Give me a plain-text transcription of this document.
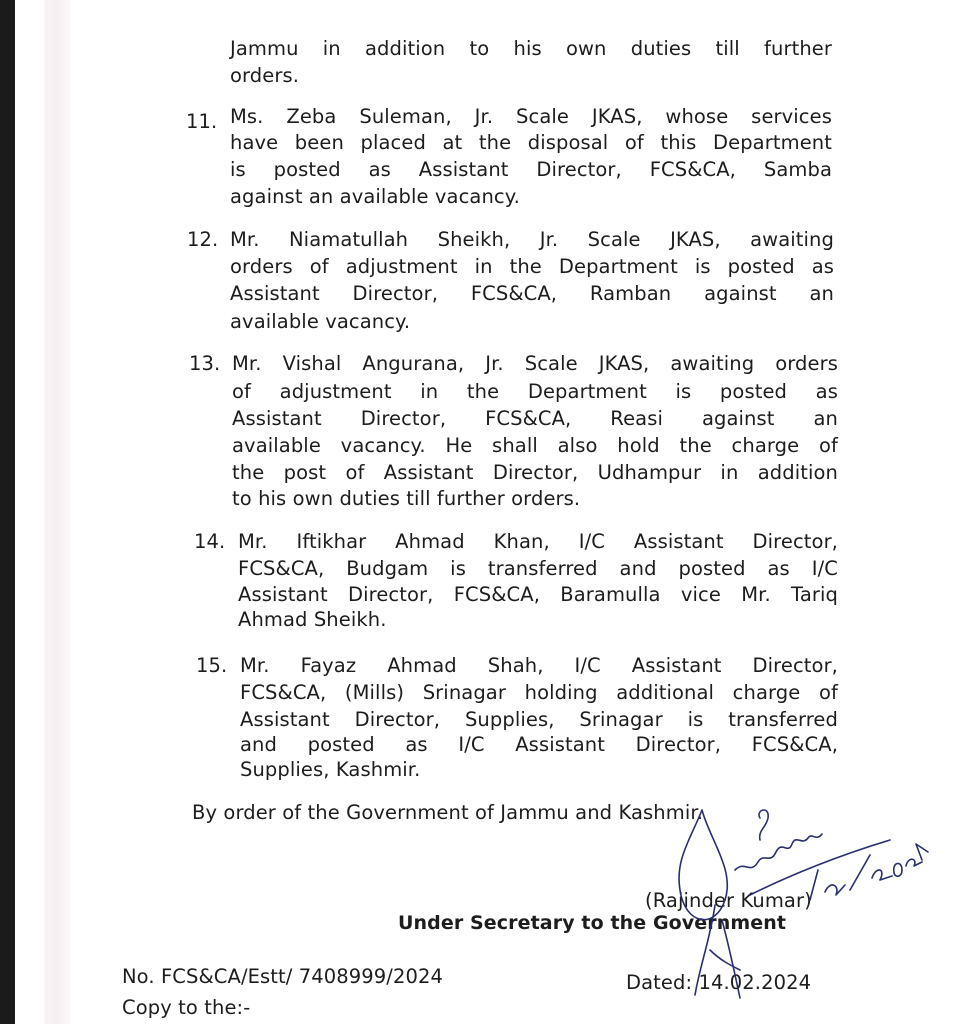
Jammu in addition to his own duties till further
orders.
11. Ms. Zeba Suleman, Jr. Scale JKAS, whose services
have been placed at the disposal of this Department
is posted as Assistant Director, FCS&CA, Samba
against an available vacancy.
12. Mr. Niamatullah Sheikh, Jr. Scale JKAS, awaiting
orders of adjustment in the Department is posted as
Assistant Director, FCS&CA, Ramban against an
available vacancy.
13. Mr. Vishal Angurana, Jr. Scale JKAS, awaiting orders
of adjustment in the Department is posted as
Assistant Director, FCS&CA, Reasi against an
available vacancy. He shall also hold the charge of
the post of Assistant Director, Udhampur in addition
to his own duties till further orders.
14. Mr. Iftikhar Ahmad Khan, I/C Assistant Director,
FCS&CA, Budgam is transferred and posted as I/C
Assistant Director, FCS&CA, Baramulla vice Mr. Tariq
Ahmad Sheikh.
15. Mr. Fayaz Ahmad Shah, I/C Assistant Director,
FCS&CA, (Mills) Srinagar holding additional charge of
Assistant Director, Supplies, Srinagar is transferred
and posted as I/C Assistant Director, FCS&CA,
Supplies, Kashmir.
By order of the Government of Jammu and Kashmir.
(Rajinder Kumar)
Under Secretary to the Government
No. FCS&CA/Estt/ 7408999/2024	Dated: 14.02.2024
Copy to the:-
